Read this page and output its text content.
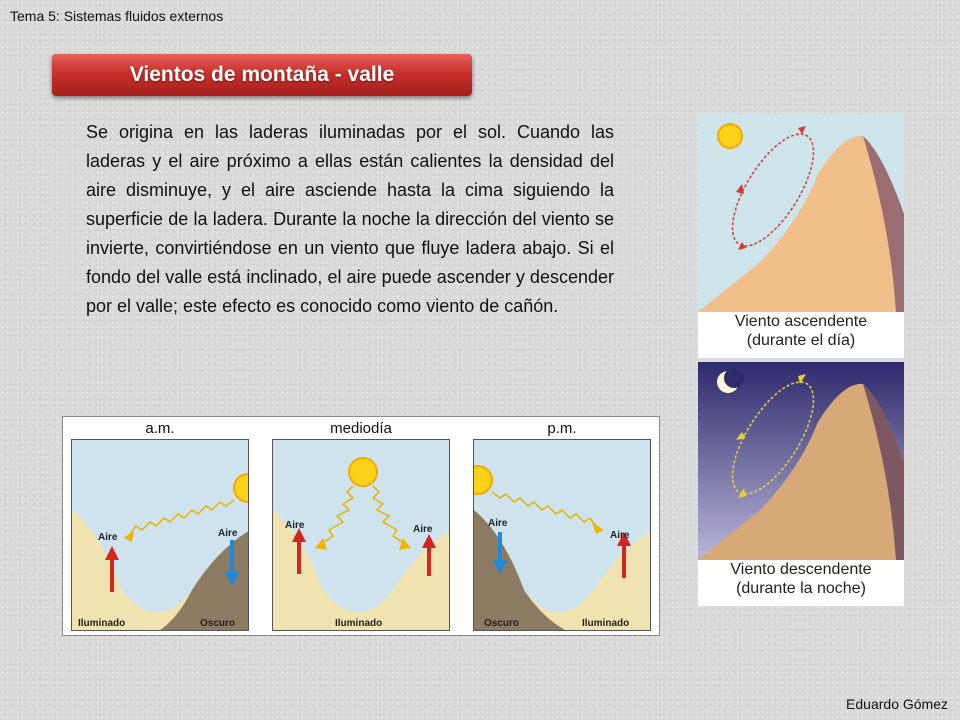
Tema 5: Sistemas fluidos externos
Vientos de montaña - valle
Se origina en las laderas iluminadas por el sol. Cuando las laderas y el aire próximo a ellas están calientes la densidad del aire disminuye, y el aire asciende hasta la cima siguiendo la superficie de la ladera. Durante la noche la dirección del viento se invierte, convirtiéndose en un viento que fluye ladera abajo. Si el fondo del valle está inclinado, el aire puede ascender y descender por el valle; este efecto es conocido como viento de cañón.
a.m.
Aire	Aire
Iluminado	Oscuro
mediodía
Aire	Aire
Iluminado
p.m.
Aire
Aire
Oscuro	Iluminado
Viento ascendente
(durante el día)
Viento descendente
(durante la noche)
Eduardo Gómez
